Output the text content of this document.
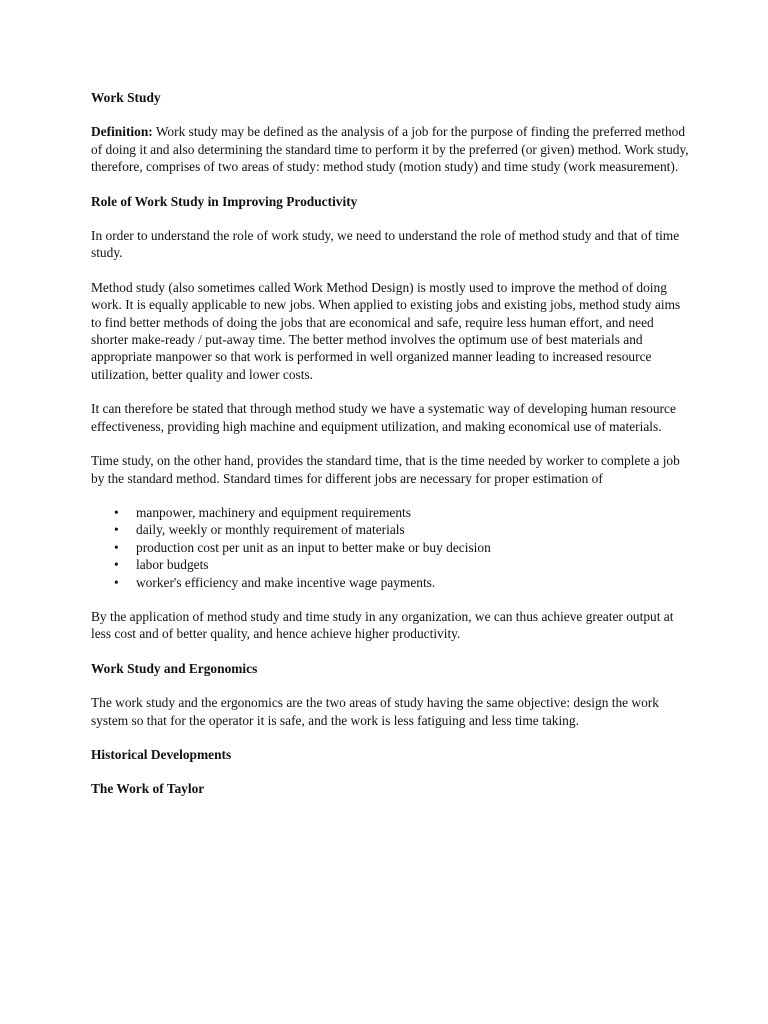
Work Study
Definition: Work study may be defined as the analysis of a job for the purpose of finding the preferred method of doing it and also determining the standard time to perform it by the preferred (or given) method. Work study, therefore, comprises of two areas of study: method study (motion study) and time study (work measurement).
Role of Work Study in Improving Productivity
In order to understand the role of work study, we need to understand the role of method study and that of time study.
Method study (also sometimes called Work Method Design) is mostly used to improve the method of doing work. It is equally applicable to new jobs. When applied to existing jobs and existing jobs, method study aims to find better methods of doing the jobs that are economical and safe, require less human effort, and need shorter make-ready / put-away time. The better method involves the optimum use of best materials and appropriate manpower so that work is performed in well organized manner leading to increased resource utilization, better quality and lower costs.
It can therefore be stated that through method study we have a systematic way of developing human resource effectiveness, providing high machine and equipment utilization, and making economical use of materials.
Time study, on the other hand, provides the standard time, that is the time needed by worker to complete a job by the standard method. Standard times for different jobs are necessary for proper estimation of
• manpower, machinery and equipment requirements
• daily, weekly or monthly requirement of materials
• production cost per unit as an input to better make or buy decision
• labor budgets
• worker's efficiency and make incentive wage payments.
By the application of method study and time study in any organization, we can thus achieve greater output at less cost and of better quality, and hence achieve higher productivity.
Work Study and Ergonomics
The work study and the ergonomics are the two areas of study having the same objective: design the work system so that for the operator it is safe, and the work is less fatiguing and less time taking.
Historical Developments
The Work of Taylor
